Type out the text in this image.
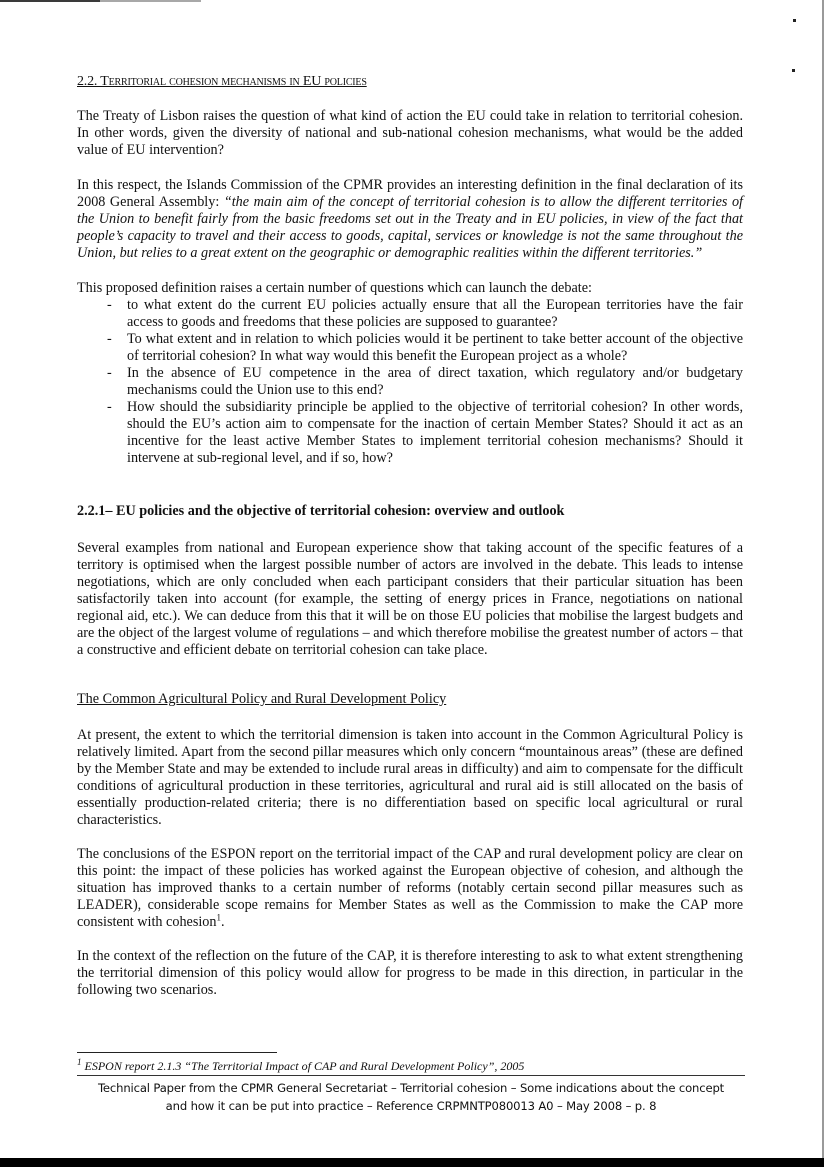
2.2. Territorial cohesion mechanisms in EU policies

The Treaty of Lisbon raises the question of what kind of action the EU could take in relation to territorial cohesion. In other words, given the diversity of national and sub-national cohesion mechanisms, what would be the added value of EU intervention?

In this respect, the Islands Commission of the CPMR provides an interesting definition in the final declaration of its 2008 General Assembly: “the main aim of the concept of territorial cohesion is to allow the different territories of the Union to benefit fairly from the basic freedoms set out in the Treaty and in EU policies, in view of the fact that people’s capacity to travel and their access to goods, capital, services or knowledge is not the same throughout the Union, but relies to a great extent on the geographic or demographic realities within the different territories.”

This proposed definition raises a certain number of questions which can launch the debate:
- to what extent do the current EU policies actually ensure that all the European territories have the fair access to goods and freedoms that these policies are supposed to guarantee?
- To what extent and in relation to which policies would it be pertinent to take better account of the objective of territorial cohesion? In what way would this benefit the European project as a whole?
- In the absence of EU competence in the area of direct taxation, which regulatory and/or budgetary mechanisms could the Union use to this end?
- How should the subsidiarity principle be applied to the objective of territorial cohesion? In other words, should the EU’s action aim to compensate for the inaction of certain Member States? Should it act as an incentive for the least active Member States to implement territorial cohesion mechanisms? Should it intervene at sub-regional level, and if so, how?
2.2.1– EU policies and the objective of territorial cohesion: overview and outlook

Several examples from national and European experience show that taking account of the specific features of a territory is optimised when the largest possible number of actors are involved in the debate. This leads to intense negotiations, which are only concluded when each participant considers that their particular situation has been satisfactorily taken into account (for example, the setting of energy prices in France, negotiations on national regional aid, etc.). We can deduce from this that it will be on those EU policies that mobilise the largest budgets and are the object of the largest volume of regulations – and which therefore mobilise the greatest number of actors – that a constructive and efficient debate on territorial cohesion can take place.

The Common Agricultural Policy and Rural Development Policy

At present, the extent to which the territorial dimension is taken into account in the Common Agricultural Policy is relatively limited. Apart from the second pillar measures which only concern “mountainous areas” (these are defined by the Member State and may be extended to include rural areas in difficulty) and aim to compensate for the difficult conditions of agricultural production in these territories, agricultural and rural aid is still allocated on the basis of essentially production-related criteria; there is no differentiation based on specific local agricultural or rural characteristics.

The conclusions of the ESPON report on the territorial impact of the CAP and rural development policy are clear on this point: the impact of these policies has worked against the European objective of cohesion, and although the situation has improved thanks to a certain number of reforms (notably certain second pillar measures such as LEADER), considerable scope remains for Member States as well as the Commission to make the CAP more consistent with cohesion$^1$.

In the context of the reflection on the future of the CAP, it is therefore interesting to ask to what extent strengthening the territorial dimension of this policy would allow for progress to be made in this direction, in particular in the following two scenarios.

$^1$ ESPON report 2.1.3 “The Territorial Impact of CAP and Rural Development Policy”, 2005
Technical Paper from the CPMR General Secretariat – Territorial cohesion – Some indications about the concept
and how it can be put into practice – Reference CRPMNTP080013 A0 – May 2008 – p. 8
